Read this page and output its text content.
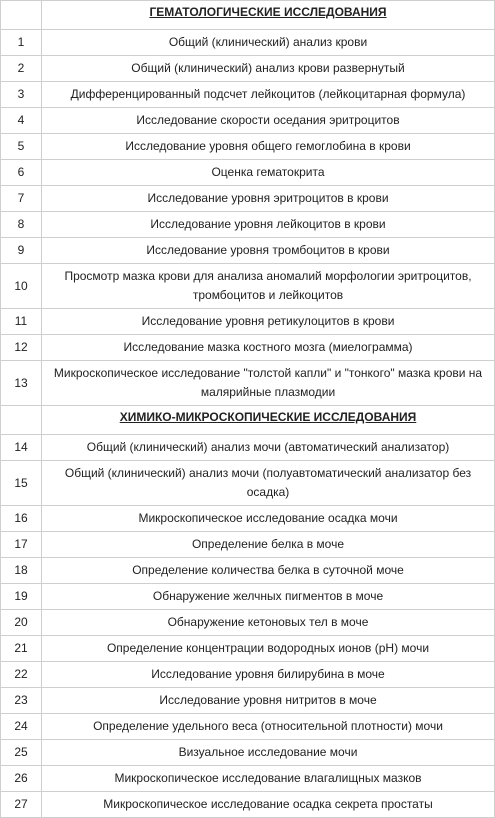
	ГЕМАТОЛОГИЧЕСКИЕ ИССЛЕДОВАНИЯ
1	Общий (клинический) анализ крови
2	Общий (клинический) анализ крови развернутый
3	Дифференцированный подсчет лейкоцитов (лейкоцитарная формула)
4	Исследование скорости оседания эритроцитов
5	Исследование уровня общего гемоглобина в крови
6	Оценка гематокрита
7	Исследование уровня эритроцитов в крови
8	Исследование уровня лейкоцитов в крови
9	Исследование уровня тромбоцитов в крови
10	Просмотр мазка крови для анализа аномалий морфологии эритроцитов, тромбоцитов и лейкоцитов
11	Исследование уровня ретикулоцитов в крови
12	Исследование мазка костного мозга (миелограмма)
13	Микроскопическое исследование "толстой капли" и "тонкого" мазка крови на малярийные плазмодии
	ХИМИКО-МИКРОСКОПИЧЕСКИЕ ИССЛЕДОВАНИЯ
14	Общий (клинический) анализ мочи (автоматический анализатор)
15	Общий (клинический) анализ мочи (полуавтоматический анализатор без осадка)
16	Микроскопическое исследование осадка мочи
17	Определение белка в моче
18	Определение количества белка в суточной моче
19	Обнаружение желчных пигментов в моче
20	Обнаружение кетоновых тел в моче
21	Определение концентрации водородных ионов (pH) мочи
22	Исследование уровня билирубина в моче
23	Исследование уровня нитритов в моче
24	Определение удельного веса (относительной плотности) мочи
25	Визуальное исследование мочи
26	Микроскопическое исследование влагалищных мазков
27	Микроскопическое исследование осадка секрета простаты
